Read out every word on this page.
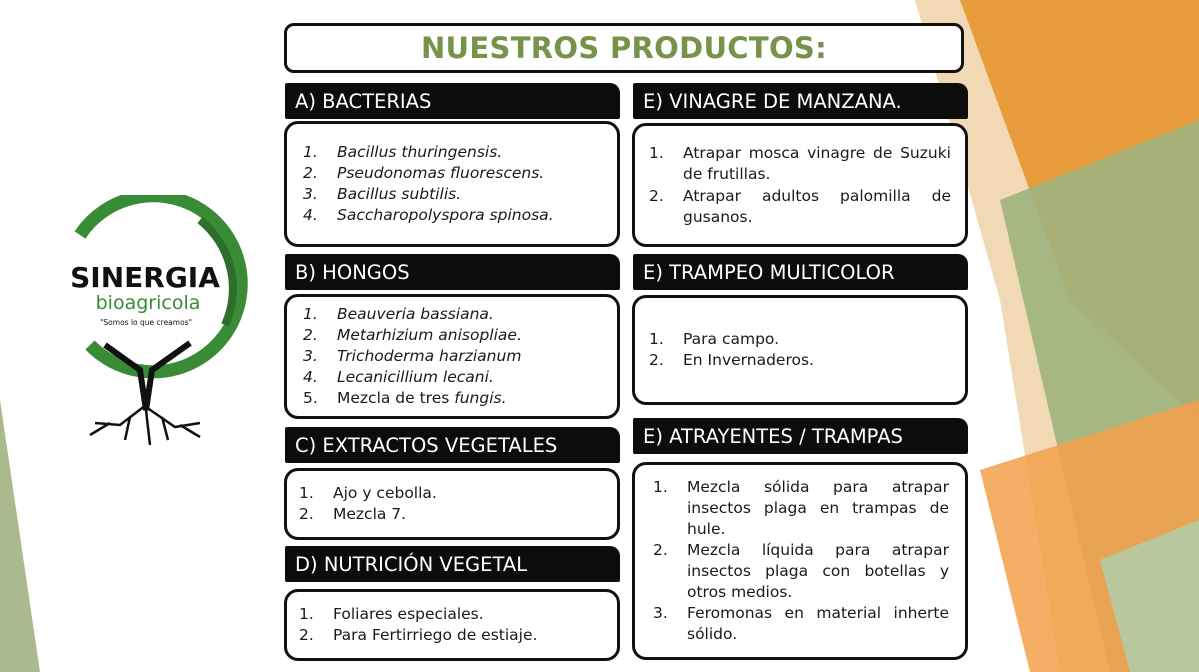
SINERGIA
bioagricola
"Somos lo que creamos"
NUESTROS PRODUCTOS:
A) BACTERIAS
1.	Bacillus thuringensis.
2.	Pseudonomas fluorescens.
3.	Bacillus subtilis.
4.	Saccharopolyspora spinosa.
B) HONGOS
1.	Beauveria bassiana.
2.	Metarhizium anisopliae.
3.	Trichoderma harzianum
4.	Lecanicillium lecani.
5.	Mezcla de tres fungis.
C) EXTRACTOS VEGETALES
1.	Ajo y cebolla.
2.	Mezcla 7.
D) NUTRICIÓN VEGETAL
1.	Foliares especiales.
2.	Para Fertirriego de estiaje.
E) VINAGRE DE MANZANA.
1.	Atrapar mosca vinagre de Suzuki de frutillas.
2.	Atrapar adultos palomilla de gusanos.
E) TRAMPEO MULTICOLOR
1.	Para campo.
2.	En Invernaderos.
E) ATRAYENTES / TRAMPAS
1.	Mezcla sólida para atrapar insectos plaga en trampas de hule.
2.	Mezcla líquida para atrapar insectos plaga con botellas y otros medios.
3.	Feromonas en material inherte sólido.
